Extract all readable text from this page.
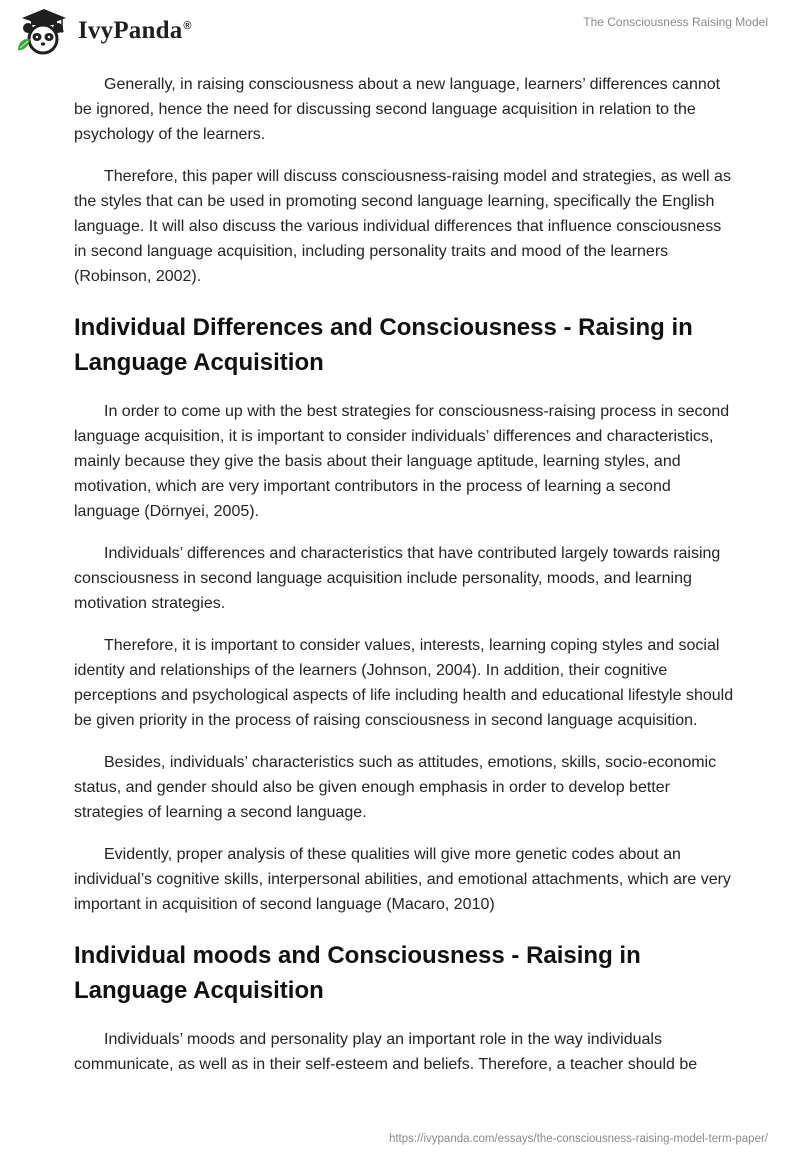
IvyPanda®	The Consciousness Raising Model

Generally, in raising consciousness about a new language, learners’ differences cannot be ignored, hence the need for discussing second language acquisition in relation to the psychology of the learners.

Therefore, this paper will discuss consciousness-raising model and strategies, as well as the styles that can be used in promoting second language learning, specifically the English language. It will also discuss the various individual differences that influence consciousness in second language acquisition, including personality traits and mood of the learners (Robinson, 2002).

Individual Differences and Consciousness - Raising in Language Acquisition

In order to come up with the best strategies for consciousness-raising process in second language acquisition, it is important to consider individuals’ differences and characteristics, mainly because they give the basis about their language aptitude, learning styles, and motivation, which are very important contributors in the process of learning a second language (Dörnyei, 2005).

Individuals’ differences and characteristics that have contributed largely towards raising consciousness in second language acquisition include personality, moods, and learning motivation strategies.

Therefore, it is important to consider values, interests, learning coping styles and social identity and relationships of the learners (Johnson, 2004). In addition, their cognitive perceptions and psychological aspects of life including health and educational lifestyle should be given priority in the process of raising consciousness in second language acquisition.

Besides, individuals’ characteristics such as attitudes, emotions, skills, socio-economic status, and gender should also be given enough emphasis in order to develop better strategies of learning a second language.

Evidently, proper analysis of these qualities will give more genetic codes about an individual’s cognitive skills, interpersonal abilities, and emotional attachments, which are very important in acquisition of second language (Macaro, 2010)

Individual moods and Consciousness - Raising in Language Acquisition

Individuals’ moods and personality play an important role in the way individuals communicate, as well as in their self-esteem and beliefs. Therefore, a teacher should be

https://ivypanda.com/essays/the-consciousness-raising-model-term-paper/
